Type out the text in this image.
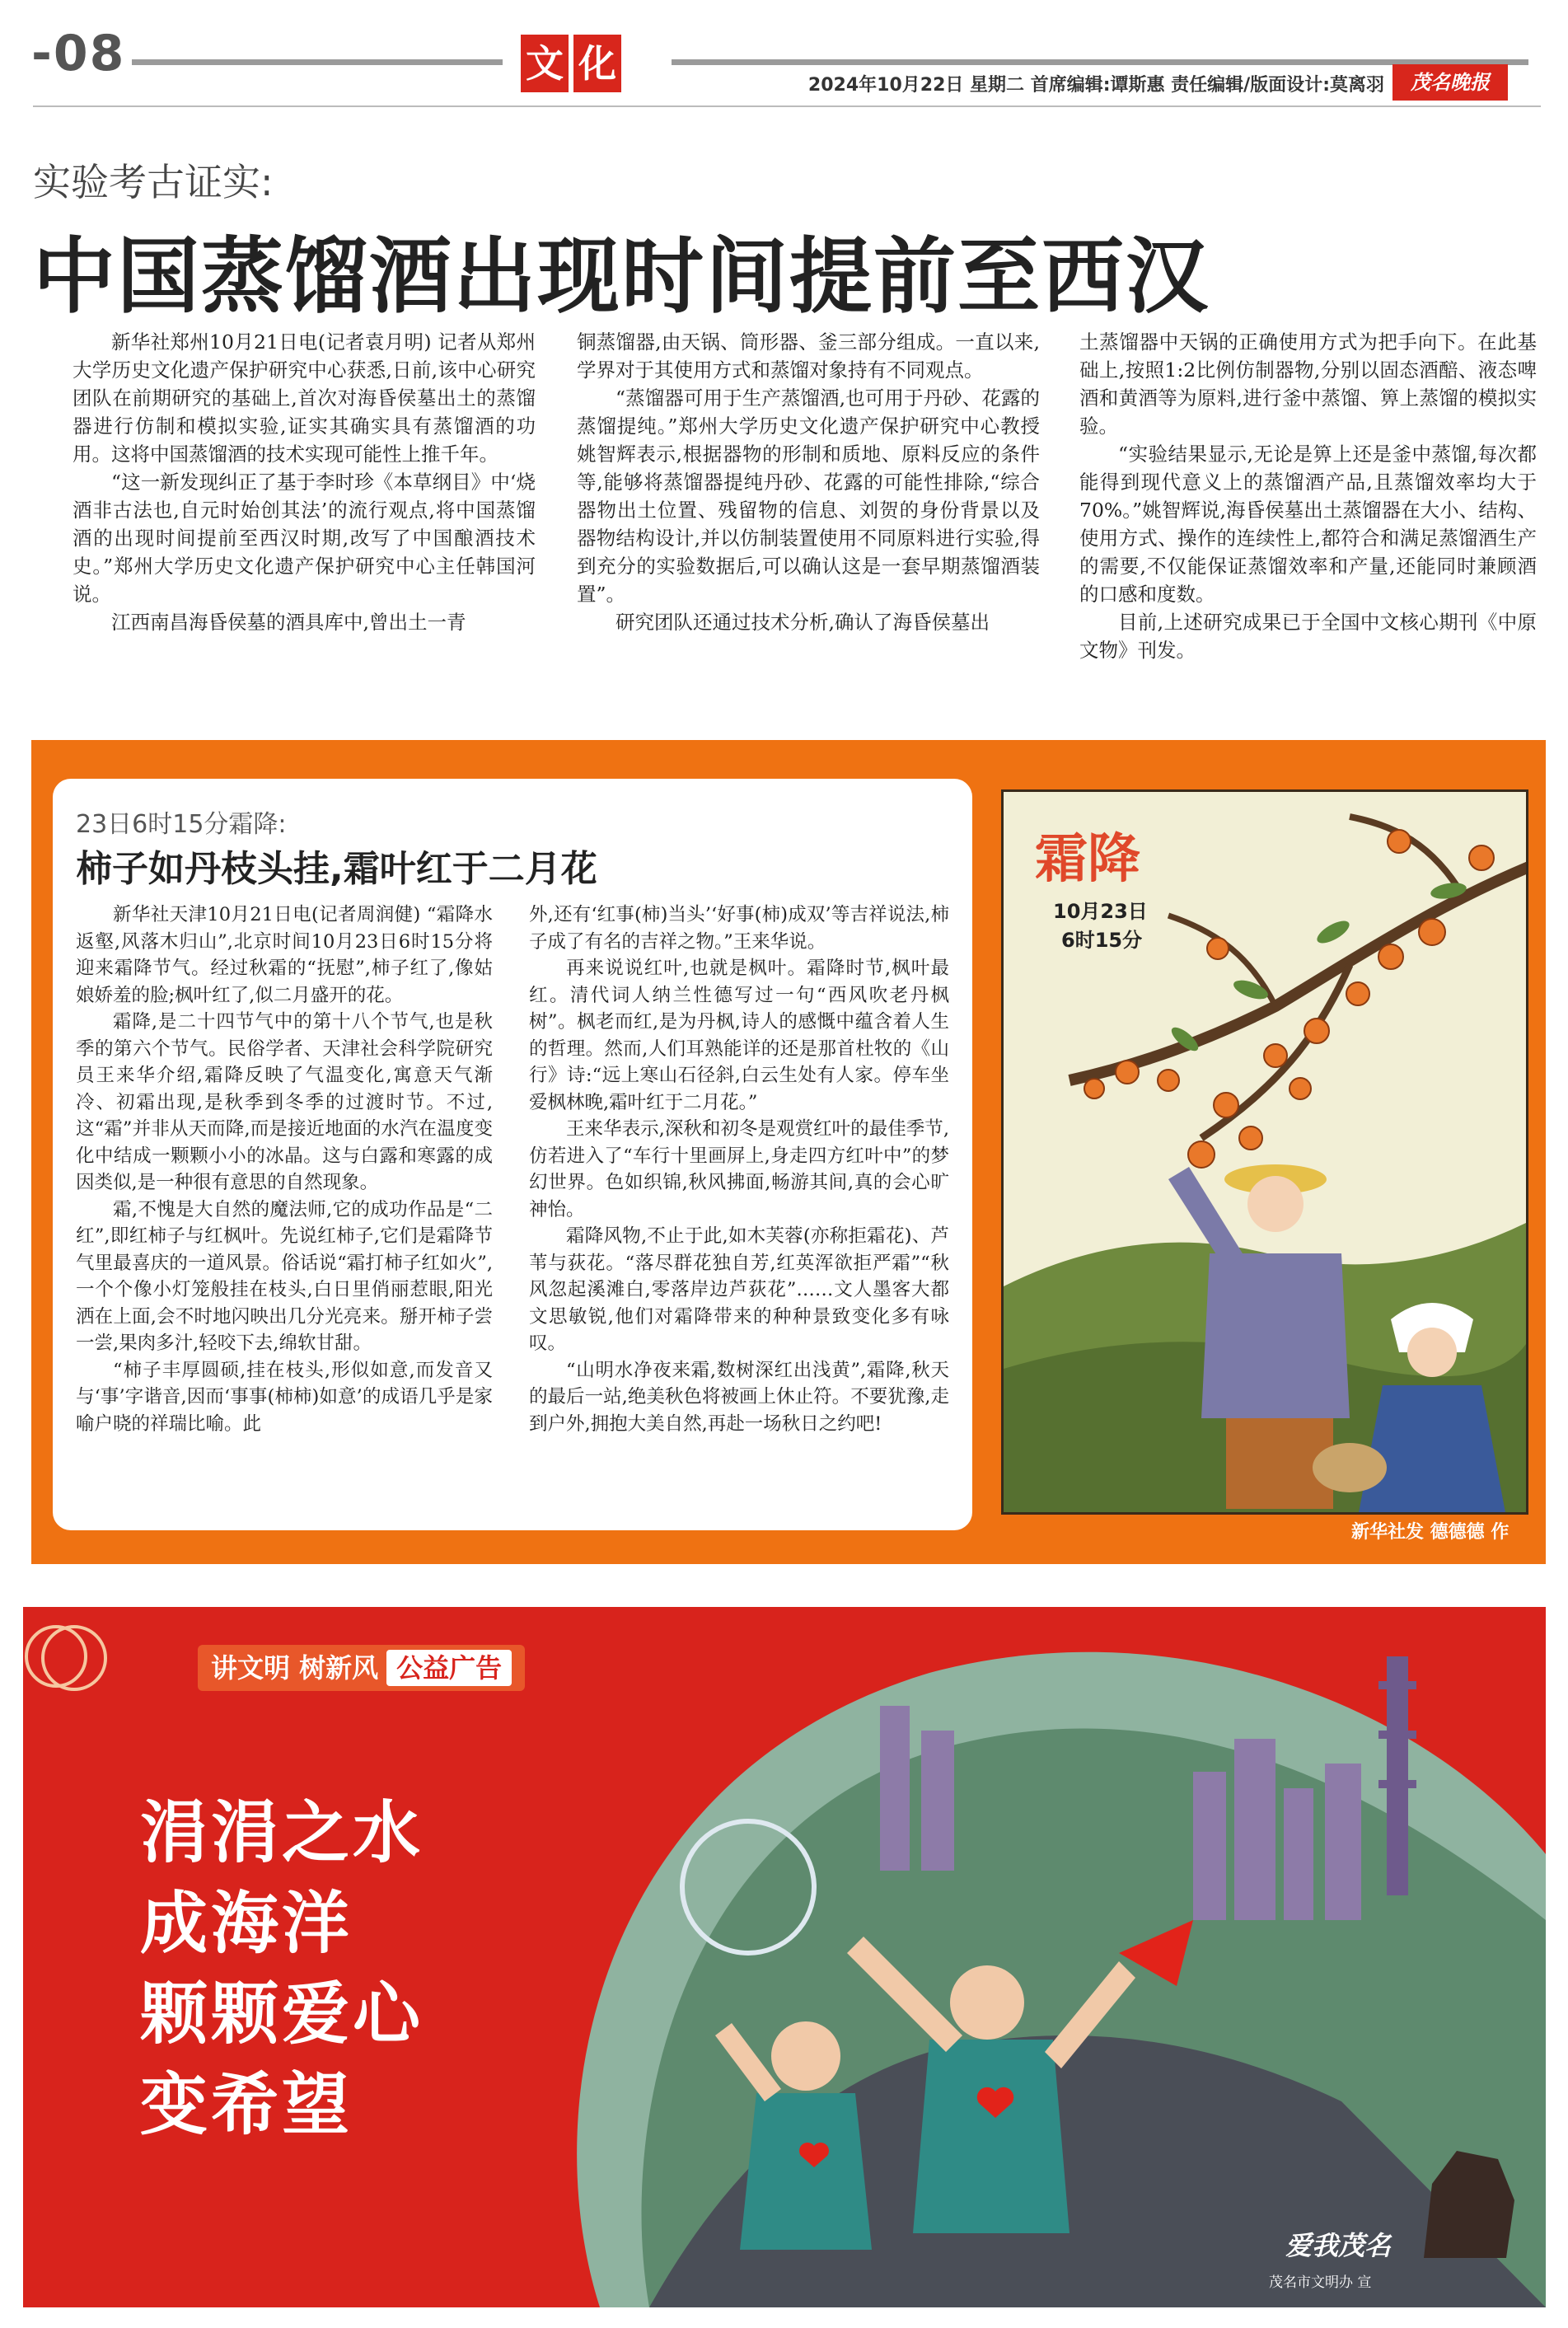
-08	文 化	2024年10月22日 星期二 首席编辑:谭斯惠 责任编辑/版面设计:莫离羽	茂名晚报
实验考古证实:
中国蒸馏酒出现时间提前至西汉

新华社郑州10月21日电(记者袁月明) 记者从郑州大学历史文化遗产保护研究中心获悉,日前,该中心研究团队在前期研究的基础上,首次对海昏侯墓出土的蒸馏器进行仿制和模拟实验,证实其确实具有蒸馏酒的功用。这将中国蒸馏酒的技术实现可能性上推千年。

“这一新发现纠正了基于李时珍《本草纲目》中‘烧酒非古法也,自元时始创其法’的流行观点,将中国蒸馏酒的出现时间提前至西汉时期,改写了中国酿酒技术史。”郑州大学历史文化遗产保护研究中心主任韩国河说。

江西南昌海昏侯墓的酒具库中,曾出土一青

铜蒸馏器,由天锅、筒形器、釜三部分组成。一直以来,学界对于其使用方式和蒸馏对象持有不同观点。

“蒸馏器可用于生产蒸馏酒,也可用于丹砂、花露的蒸馏提纯。”郑州大学历史文化遗产保护研究中心教授姚智辉表示,根据器物的形制和质地、原料反应的条件等,能够将蒸馏器提纯丹砂、花露的可能性排除,“综合器物出土位置、残留物的信息、刘贺的身份背景以及器物结构设计,并以仿制装置使用不同原料进行实验,得到充分的实验数据后,可以确认这是一套早期蒸馏酒装置”。

研究团队还通过技术分析,确认了海昏侯墓出

土蒸馏器中天锅的正确使用方式为把手向下。在此基础上,按照1:2比例仿制器物,分别以固态酒醅、液态啤酒和黄酒等为原料,进行釜中蒸馏、箅上蒸馏的模拟实验。

“实验结果显示,无论是箅上还是釜中蒸馏,每次都能得到现代意义上的蒸馏酒产品,且蒸馏效率均大于70%。”姚智辉说,海昏侯墓出土蒸馏器在大小、结构、使用方式、操作的连续性上,都符合和满足蒸馏酒生产的需要,不仅能保证蒸馏效率和产量,还能同时兼顾酒的口感和度数。

目前,上述研究成果已于全国中文核心期刊《中原文物》刊发。

23日6时15分霜降:
柿子如丹枝头挂,霜叶红于二月花

新华社天津10月21日电(记者周润健) “霜降水返壑,风落木归山”,北京时间10月23日6时15分将迎来霜降节气。经过秋霜的“抚慰”,柿子红了,像姑娘娇羞的脸;枫叶红了,似二月盛开的花。

霜降,是二十四节气中的第十八个节气,也是秋季的第六个节气。民俗学者、天津社会科学院研究员王来华介绍,霜降反映了气温变化,寓意天气渐冷、初霜出现,是秋季到冬季的过渡时节。不过,这“霜”并非从天而降,而是接近地面的水汽在温度变化中结成一颗颗小小的冰晶。这与白露和寒露的成因类似,是一种很有意思的自然现象。

霜,不愧是大自然的魔法师,它的成功作品是“二红”,即红柿子与红枫叶。先说红柿子,它们是霜降节气里最喜庆的一道风景。俗话说“霜打柿子红如火”,一个个像小灯笼般挂在枝头,白日里俏丽惹眼,阳光洒在上面,会不时地闪映出几分光亮来。掰开柿子尝一尝,果肉多汁,轻咬下去,绵软甘甜。

“柿子丰厚圆硕,挂在枝头,形似如意,而发音又与‘事’字谐音,因而‘事事(柿柿)如意’的成语几乎是家喻户晓的祥瑞比喻。此

外,还有‘红事(柿)当头’‘好事(柿)成双’等吉祥说法,柿子成了有名的吉祥之物。”王来华说。

再来说说红叶,也就是枫叶。霜降时节,枫叶最红。清代词人纳兰性德写过一句“西风吹老丹枫树”。枫老而红,是为丹枫,诗人的感慨中蕴含着人生的哲理。然而,人们耳熟能详的还是那首杜牧的《山行》诗:“远上寒山石径斜,白云生处有人家。停车坐爱枫林晚,霜叶红于二月花。”

王来华表示,深秋和初冬是观赏红叶的最佳季节,仿若进入了“车行十里画屏上,身走四方红叶中”的梦幻世界。色如织锦,秋风拂面,畅游其间,真的会心旷神怡。

霜降风物,不止于此,如木芙蓉(亦称拒霜花)、芦苇与荻花。“落尽群花独自芳,红英浑欲拒严霜”“秋风忽起溪滩白,零落岸边芦荻花”……文人墨客大都文思敏锐,他们对霜降带来的种种景致变化多有咏叹。

“山明水净夜来霜,数树深红出浅黄”,霜降,秋天的最后一站,绝美秋色将被画上休止符。不要犹豫,走到户外,拥抱大美自然,再赴一场秋日之约吧!

霜降
10月23日
6时15分
新华社发 德德德 作
讲文明 树新风 公益广告
涓涓之水
成海洋
颗颗爱心
变希望
爱我茂名
茂名市文明办 宣
